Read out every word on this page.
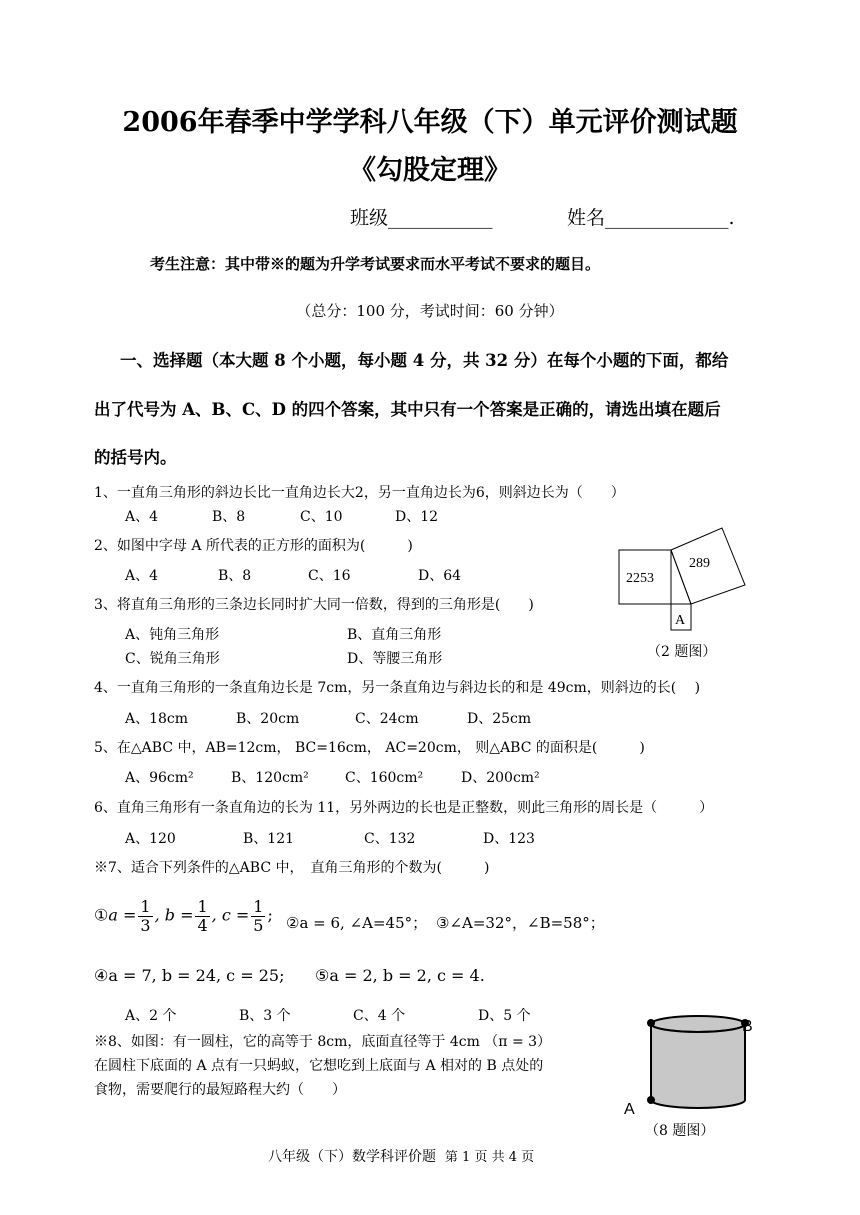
2006年春季中学学科八年级（下）单元评价测试题
《勾股定理》
班级___________	姓名_____________.
考生注意：其中带※的题为升学考试要求而水平考试不要求的题目。
（总分：100 分，考试时间：60 分钟）
一、选择题（本大题 8 个小题，每小题 4 分，共 32 分）在每个小题的下面，都给
出了代号为 A、B、C、D 的四个答案，其中只有一个答案是正确的，请选出填在题后
的括号内。
1、一直角三角形的斜边长比一直角边长大2，另一直角边长为6，则斜边长为（　　）
A、4	B、8	C、10	D、12
2、如图中字母 A 所代表的正方形的面积为(　　　)
A、4	B、8	C、16	D、64	2253
289
A
（2 题图）
3、将直角三角形的三条边长同时扩大同一倍数，得到的三角形是(　　)
A、钝角三角形	B、直角三角形
C、锐角三角形	D、等腰三角形
4、一直角三角形的一条直角边长是 7cm，另一条直角边与斜边长的和是 49cm，则斜边的长(　 )
A、18cm	B、20cm	C、24cm	D、25cm
5、在△ABC 中，AB=12cm， BC=16cm， AC=20cm， 则△ABC 的面积是(　　　)
A、96cm²	B、120cm²	C、160cm²	D、200cm²
6、直角三角形有一条直角边的长为 11，另外两边的长也是正整数，则此三角形的周长是（　　　）
A、120	B、121	C、132	D、123
※7、适合下列条件的△ABC 中，　直角三角形的个数为(　　　)
①a = $\frac{1}{3}$ , $b = \frac{1}{4}$ , $c = \frac{1}{5}$ ; ②a = 6, ∠A=45°； ③∠A=32°，∠B=58°；
④a = 7, b = 24, c = 25; ⑤a = 2, b = 2, c = 4.
A、2 个	B、3 个	C、4 个	D、5 个
※8、如图：有一圆柱，它的高等于 8cm，底面直径等于 4cm （π = 3）
在圆柱下底面的 A 点有一只蚂蚁，它想吃到上底面与 A 相对的 B 点处的
食物，需要爬行的最短路程大约（　　）
B
A
（8 题图）
八年级（下）数学科评价题 第 1 页 共 4 页
